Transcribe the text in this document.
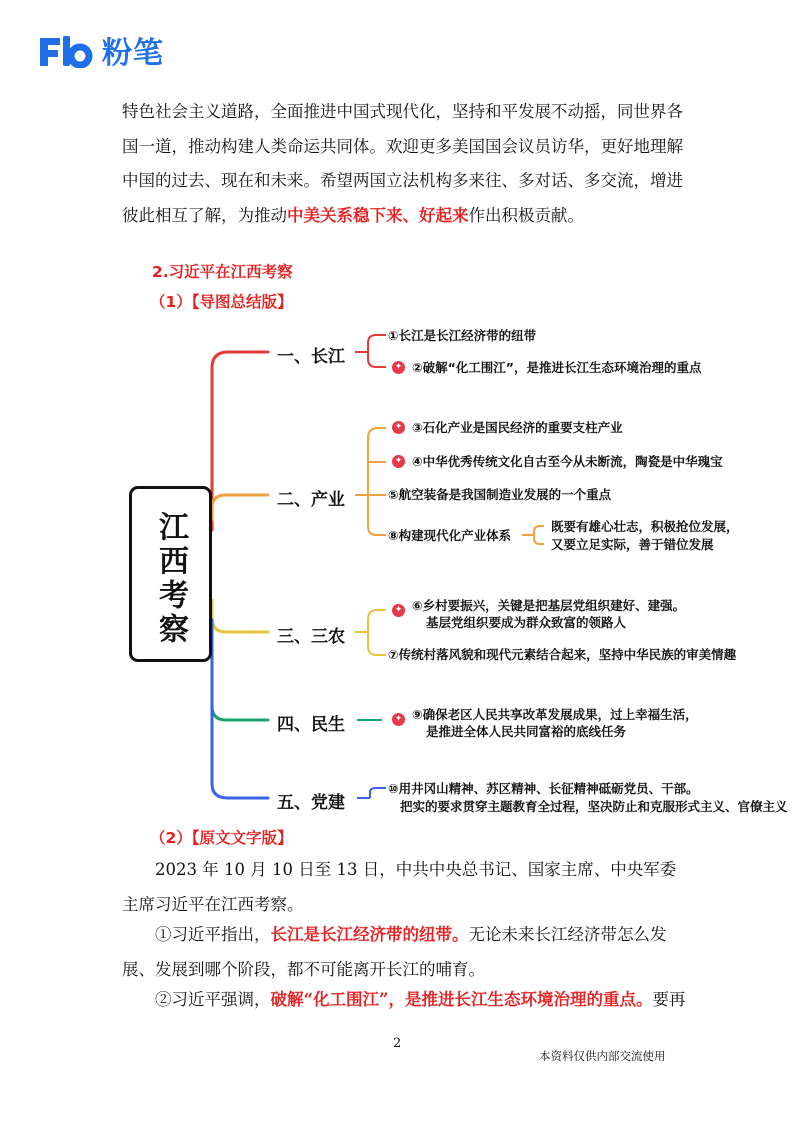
粉笔
特色社会主义道路，全面推进中国式现代化，坚持和平发展不动摇，同世界各国一道，推动构建人类命运共同体。欢迎更多美国国会议员访华，更好地理解中国的过去、现在和未来。希望两国立法机构多来往、多对话、多交流，增进彼此相互了解，为推动中美关系稳下来、好起来作出积极贡献。
2.习近平在江西考察
（1）【导图总结版】
江西考察
一、长江
二、产业
三、三农
四、民生
五、党建
①长江是长江经济带的纽带
✦ ②破解“化工围江”，是推进长江生态环境治理的重点
✦ ③石化产业是国民经济的重要支柱产业
✦ ④中华优秀传统文化自古至今从未断流，陶瓷是中华瑰宝
⑤航空装备是我国制造业发展的一个重点
⑧构建现代化产业体系
既要有雄心壮志，积极抢位发展，
又要立足实际，善于错位发展
✦ ⑥乡村要振兴，关键是把基层党组织建好、建强。
基层党组织要成为群众致富的领路人
⑦传统村落风貌和现代元素结合起来，坚持中华民族的审美情趣
✦ ⑨确保老区人民共享改革发展成果，过上幸福生活，
是推进全体人民共同富裕的底线任务
⑩用井冈山精神、苏区精神、长征精神砥砺党员、干部。
把实的要求贯穿主题教育全过程，坚决防止和克服形式主义、官僚主义
（2）【原文文字版】
2023 年 10 月 10 日至 13 日，中共中央总书记、国家主席、中央军委主席习近平在江西考察。
①习近平指出，长江是长江经济带的纽带。无论未来长江经济带怎么发展、发展到哪个阶段，都不可能离开长江的哺育。
②习近平强调，破解“化工围江”，是推进长江生态环境治理的重点。要再
2
本资料仅供内部交流使用
